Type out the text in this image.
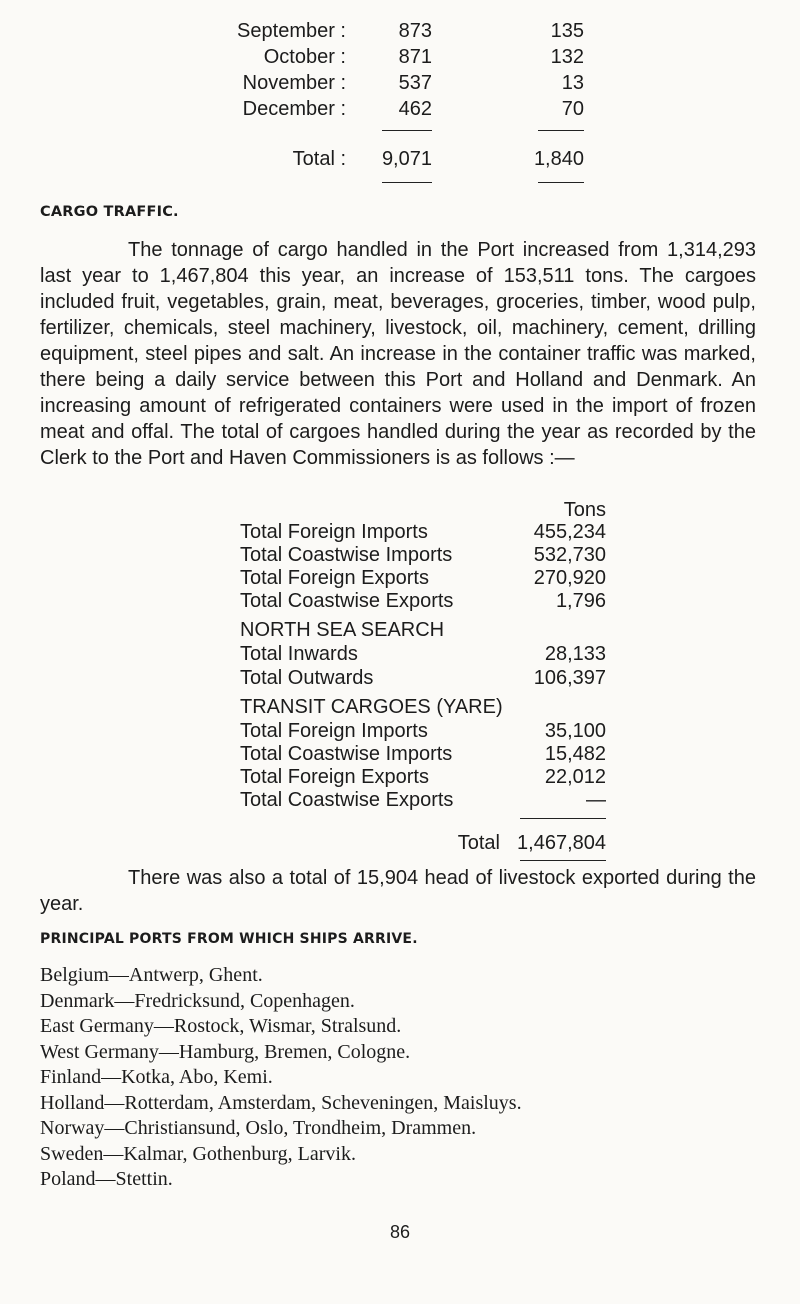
September :	873	135
October :	871	132
November :	537	13
December :	462	70
Total :	9,071	1,840
CARGO TRAFFIC.

The tonnage of cargo handled in the Port increased from 1,314,293 last year to 1,467,804 this year, an increase of 153,511 tons. The cargoes included fruit, vegetables, grain, meat, beverages, groceries, timber, wood pulp, fertilizer, chemicals, steel machinery, livestock, oil, machinery, cement, drilling equipment, steel pipes and salt. An increase in the container traffic was marked, there being a daily service between this Port and Holland and Denmark. An increasing amount of refrigerated containers were used in the import of frozen meat and offal. The total of cargoes handled during the year as recorded by the Clerk to the Port and Haven Commissioners is as follows :—

Tons
Total Foreign Imports	455,234
Total Coastwise Imports	532,730
Total Foreign Exports	270,920
Total Coastwise Exports	1,796
NORTH SEA SEARCH
Total Inwards	28,133
Total Outwards	106,397
TRANSIT CARGOES (YARE)
Total Foreign Imports	35,100
Total Coastwise Imports	15,482
Total Foreign Exports	22,012
Total Coastwise Exports	—
Total 1,467,804

There was also a total of 15,904 head of livestock exported during the year.

PRINCIPAL PORTS FROM WHICH SHIPS ARRIVE.
Belgium—Antwerp, Ghent.
Denmark—Fredricksund, Copenhagen.
East Germany—Rostock, Wismar, Stralsund.
West Germany—Hamburg, Bremen, Cologne.
Finland—Kotka, Abo, Kemi.
Holland—Rotterdam, Amsterdam, Scheveningen, Maisluys.
Norway—Christiansund, Oslo, Trondheim, Drammen.
Sweden—Kalmar, Gothenburg, Larvik.
Poland—Stettin.
86
